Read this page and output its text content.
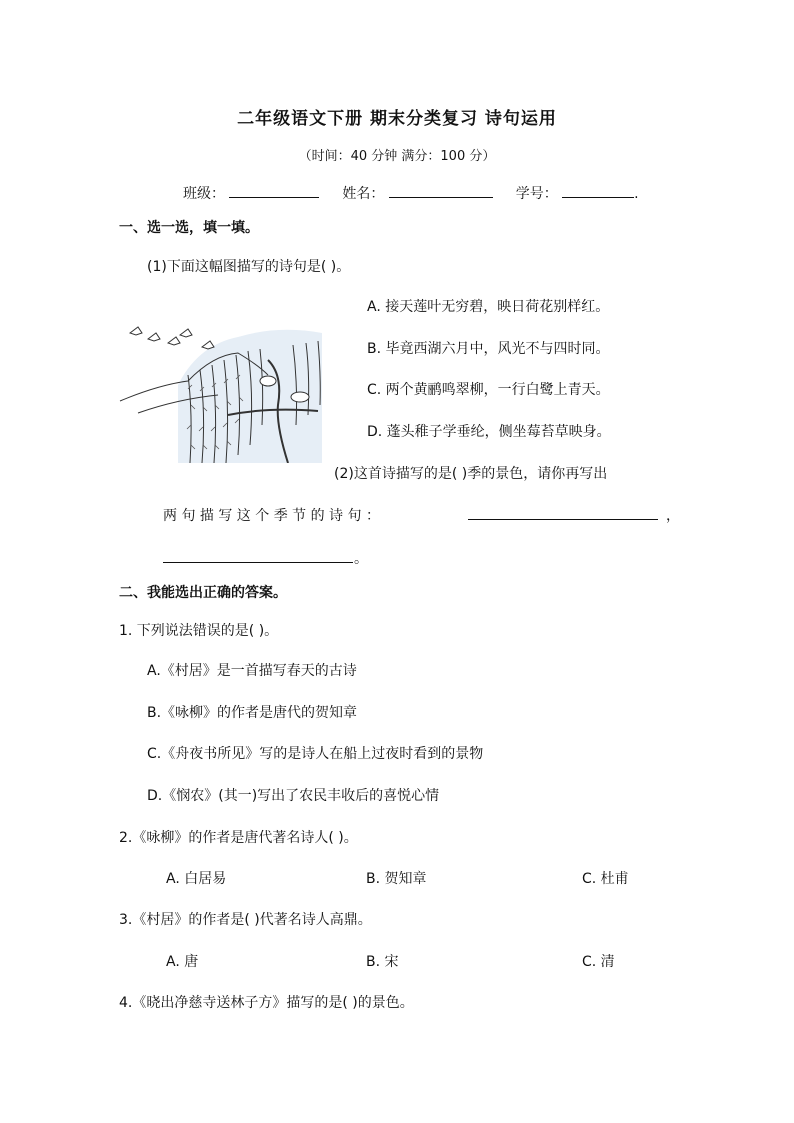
二年级语文下册 期末分类复习 诗句运用
（时间：40 分钟 满分：100 分）
班级：	姓名：	学号：	.
一、选一选，填一填。
(1)下面这幅图描写的诗句是( )。
A. 接天莲叶无穷碧，映日荷花别样红。
B. 毕竟西湖六月中，风光不与四时同。
C. 两个黄鹂鸣翠柳，一行白鹭上青天。
D. 蓬头稚子学垂纶，侧坐莓苔草映身。
(2)这首诗描写的是( )季的景色，请你再写出
两 句 描 写 这 个 季 节 的 诗 句 ：	，
。
二、我能选出正确的答案。
1. 下列说法错误的是( )。
A.《村居》是一首描写春天的古诗
B.《咏柳》的作者是唐代的贺知章
C.《舟夜书所见》写的是诗人在船上过夜时看到的景物
D.《悯农》(其一)写出了农民丰收后的喜悦心情
2.《咏柳》的作者是唐代著名诗人( )。
A. 白居易	B. 贺知章	C. 杜甫
3.《村居》的作者是( )代著名诗人高鼎。
A. 唐	B. 宋	C. 清
4.《晓出净慈寺送林子方》描写的是( )的景色。
